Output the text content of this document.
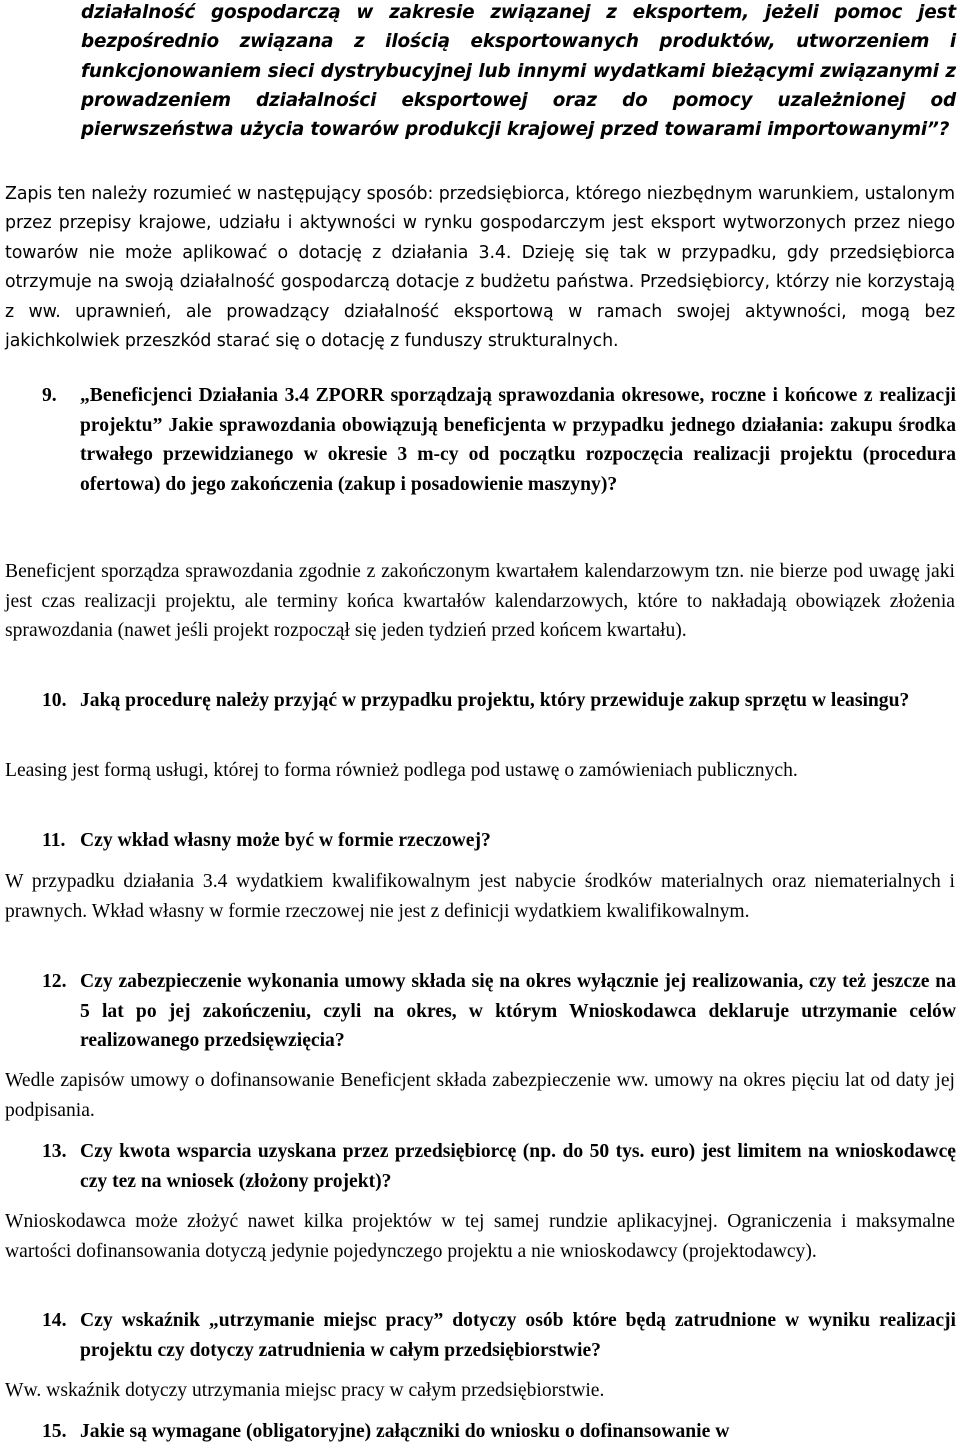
działalność gospodarczą w zakresie związanej z eksportem, jeżeli pomoc jest bezpośrednio związana z ilością eksportowanych produktów, utworzeniem i funkcjonowaniem sieci dystrybucyjnej lub innymi wydatkami bieżącymi związanymi z prowadzeniem działalności eksportowej oraz do pomocy uzależnionej od pierwszeństwa użycia towarów produkcji krajowej przed towarami importowanymi”?
Zapis ten należy rozumieć w następujący sposób: przedsiębiorca, którego niezbędnym warunkiem, ustalonym przez przepisy krajowe, udziału i aktywności w rynku gospodarczym jest eksport wytworzonych przez niego towarów nie może aplikować o dotację z działania 3.4. Dzieję się tak w przypadku, gdy przedsiębiorca otrzymuje na swoją działalność gospodarczą dotacje z budżetu państwa. Przedsiębiorcy, którzy nie korzystają z ww. uprawnień, ale prowadzący działalność eksportową w ramach swojej aktywności, mogą bez jakichkolwiek przeszkód starać się o dotację z funduszy strukturalnych.
9. „Beneficjenci Działania 3.4 ZPORR sporządzają sprawozdania okresowe, roczne i końcowe z realizacji projektu” Jakie sprawozdania obowiązują beneficjenta w przypadku jednego działania: zakupu środka trwałego przewidzianego w okresie 3 m-cy od początku rozpoczęcia realizacji projektu (procedura ofertowa) do jego zakończenia (zakup i posadowienie maszyny)?
Beneficjent sporządza sprawozdania zgodnie z zakończonym kwartałem kalendarzowym tzn. nie bierze pod uwagę jaki jest czas realizacji projektu, ale terminy końca kwartałów kalendarzowych, które to nakładają obowiązek złożenia sprawozdania (nawet jeśli projekt rozpoczął się jeden tydzień przed końcem kwartału).
10. Jaką procedurę należy przyjąć w przypadku projektu, który przewiduje zakup sprzętu w leasingu?
Leasing jest formą usługi, której to forma również podlega pod ustawę o zamówieniach publicznych.
11. Czy wkład własny może być w formie rzeczowej?
W przypadku działania 3.4 wydatkiem kwalifikowalnym jest nabycie środków materialnych oraz niematerialnych i prawnych. Wkład własny w formie rzeczowej nie jest z definicji wydatkiem kwalifikowalnym.
12. Czy zabezpieczenie wykonania umowy składa się na okres wyłącznie jej realizowania, czy też jeszcze na 5 lat po jej zakończeniu, czyli na okres, w którym Wnioskodawca deklaruje utrzymanie celów realizowanego przedsięwzięcia?
Wedle zapisów umowy o dofinansowanie Beneficjent składa zabezpieczenie ww. umowy na okres pięciu lat od daty jej podpisania.
13. Czy kwota wsparcia uzyskana przez przedsiębiorcę (np. do 50 tys. euro) jest limitem na wnioskodawcę czy tez na wniosek (złożony projekt)?
Wnioskodawca może złożyć nawet kilka projektów w tej samej rundzie aplikacyjnej. Ograniczenia i maksymalne wartości dofinansowania dotyczą jedynie pojedynczego projektu a nie wnioskodawcy (projektodawcy).
14. Czy wskaźnik „utrzymanie miejsc pracy” dotyczy osób które będą zatrudnione w wyniku realizacji projektu czy dotyczy zatrudnienia w całym przedsiębiorstwie?
Ww. wskaźnik dotyczy utrzymania miejsc pracy w całym przedsiębiorstwie.
15. Jakie są wymagane (obligatoryjne) załączniki do wniosku o dofinansowanie w
